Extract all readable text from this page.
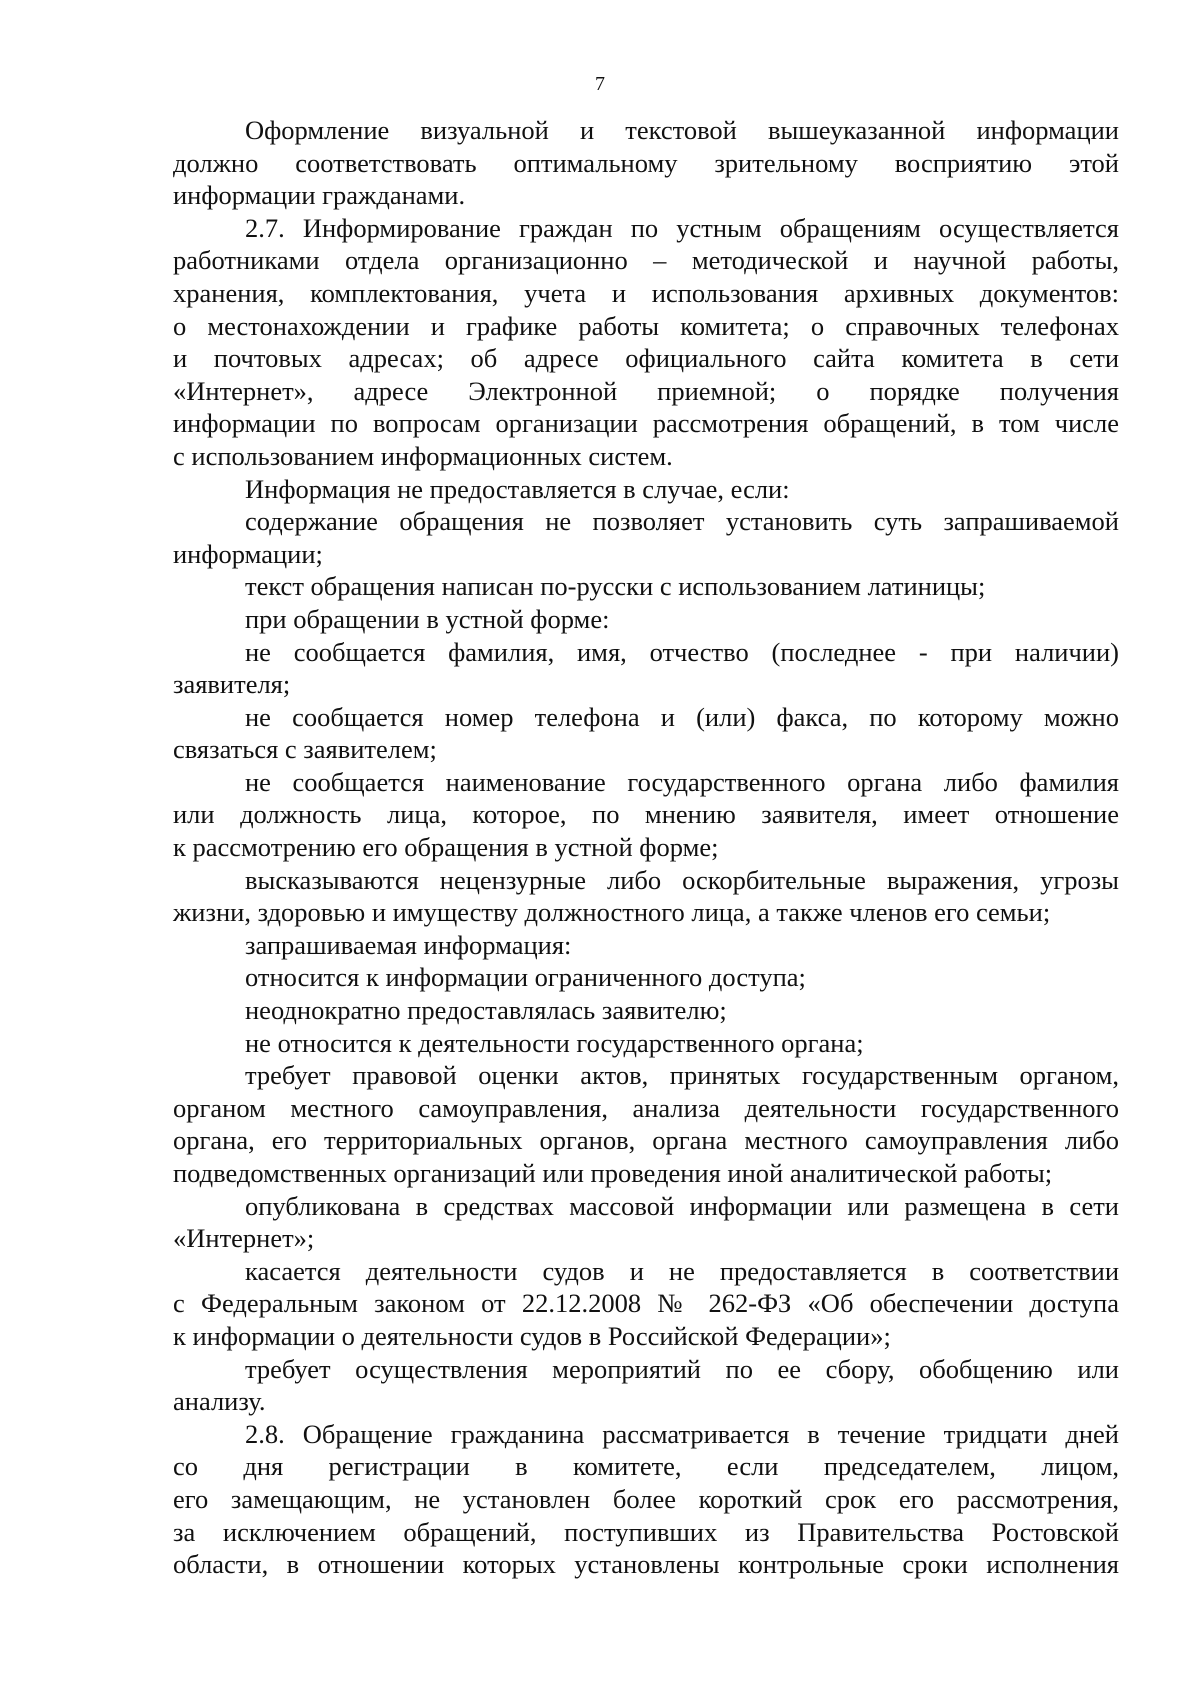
7
Оформление визуальной и текстовой вышеуказанной информации
должно соответствовать оптимальному зрительному восприятию этой
информации гражданами.
2.7. Информирование граждан по устным обращениям осуществляется
работниками отдела организационно – методической и научной работы,
хранения, комплектования, учета и использования архивных документов:
о местонахождении и графике работы комитета; о справочных телефонах
и почтовых адресах; об адресе официального сайта комитета в сети
«Интернет», адресе Электронной приемной; о порядке получения
информации по вопросам организации рассмотрения обращений, в том числе
с использованием информационных систем.
Информация не предоставляется в случае, если:
содержание обращения не позволяет установить суть запрашиваемой
информации;
текст обращения написан по-русски с использованием латиницы;
при обращении в устной форме:
не сообщается фамилия, имя, отчество (последнее - при наличии)
заявителя;
не сообщается номер телефона и (или) факса, по которому можно
связаться с заявителем;
не сообщается наименование государственного органа либо фамилия
или должность лица, которое, по мнению заявителя, имеет отношение
к рассмотрению его обращения в устной форме;
высказываются нецензурные либо оскорбительные выражения, угрозы
жизни, здоровью и имуществу должностного лица, а также членов его семьи;
запрашиваемая информация:
относится к информации ограниченного доступа;
неоднократно предоставлялась заявителю;
не относится к деятельности государственного органа;
требует правовой оценки актов, принятых государственным органом,
органом местного самоуправления, анализа деятельности государственного
органа, его территориальных органов, органа местного самоуправления либо
подведомственных организаций или проведения иной аналитической работы;
опубликована в средствах массовой информации или размещена в сети
«Интернет»;
касается деятельности судов и не предоставляется в соответствии
с Федеральным законом от 22.12.2008 № 262-ФЗ «Об обеспечении доступа
к информации о деятельности судов в Российской Федерации»;
требует осуществления мероприятий по ее сбору, обобщению или
анализу.
2.8. Обращение гражданина рассматривается в течение тридцати дней
со дня регистрации в комитете, если председателем, лицом,
его замещающим, не установлен более короткий срок его рассмотрения,
за исключением обращений, поступивших из Правительства Ростовской
области, в отношении которых установлены контрольные сроки исполнения
